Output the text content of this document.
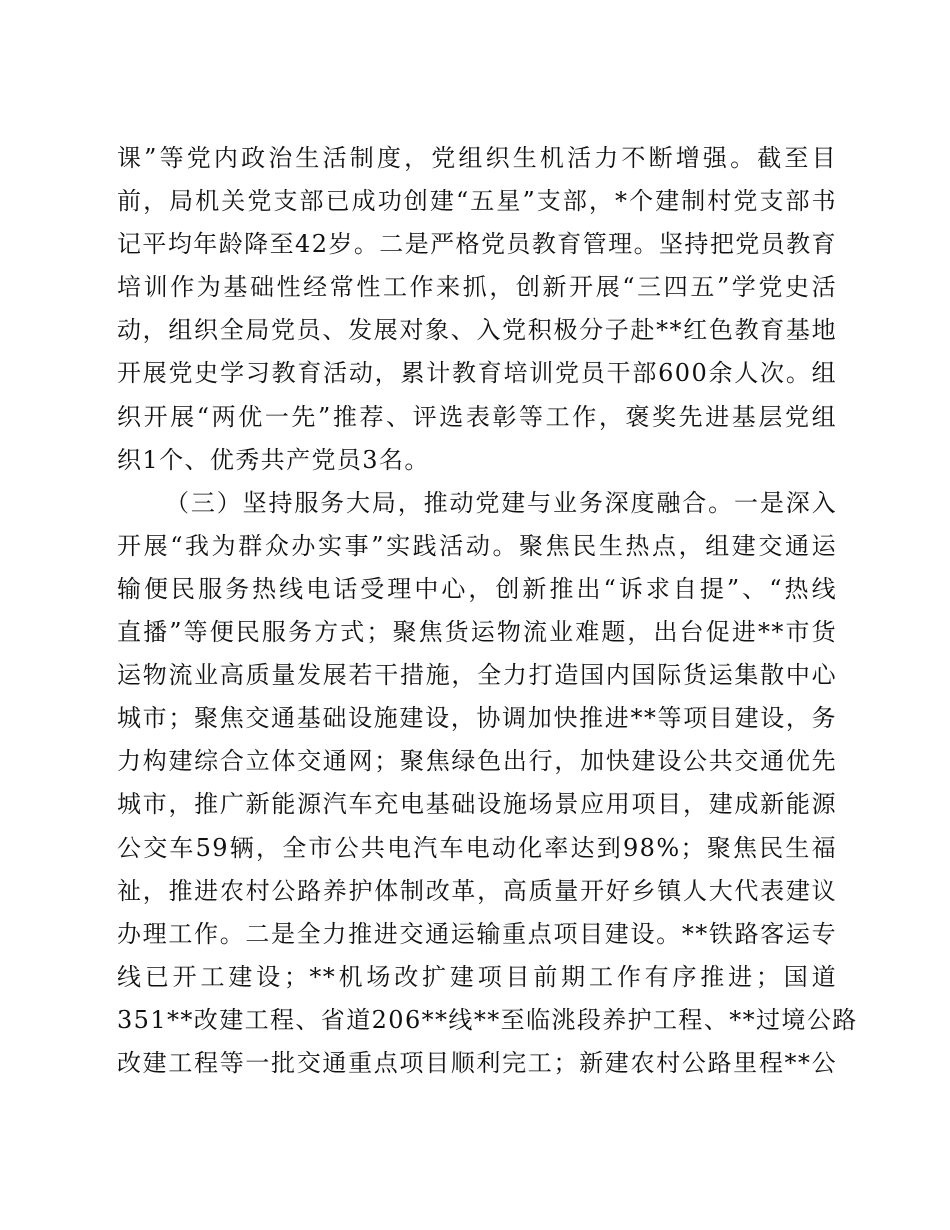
课”等党内政治生活制度，党组织生机活力不断增强。截至目
前，局机关党支部已成功创建“五星”支部，*个建制村党支部书
记平均年龄降至42岁。二是严格党员教育管理。坚持把党员教育
培训作为基础性经常性工作来抓，创新开展“三四五”学党史活
动，组织全局党员、发展对象、入党积极分子赴**红色教育基地
开展党史学习教育活动，累计教育培训党员干部600余人次。组
织开展“两优一先”推荐、评选表彰等工作，褒奖先进基层党组
织1个、优秀共产党员3名。
（三）坚持服务大局，推动党建与业务深度融合。一是深入
开展“我为群众办实事”实践活动。聚焦民生热点，组建交通运
输便民服务热线电话受理中心，创新推出“诉求自提”、“热线
直播”等便民服务方式；聚焦货运物流业难题，出台促进**市货
运物流业高质量发展若干措施，全力打造国内国际货运集散中心
城市；聚焦交通基础设施建设，协调加快推进**等项目建设，务
力构建综合立体交通网；聚焦绿色出行，加快建设公共交通优先
城市，推广新能源汽车充电基础设施场景应用项目，建成新能源
公交车59辆，全市公共电汽车电动化率达到98%；聚焦民生福
祉，推进农村公路养护体制改革，高质量开好乡镇人大代表建议
办理工作。二是全力推进交通运输重点项目建设。**铁路客运专
线已开工建设；**机场改扩建项目前期工作有序推进；国道
351**改建工程、省道206**线**至临洮段养护工程、**过境公路
改建工程等一批交通重点项目顺利完工；新建农村公路里程**公
